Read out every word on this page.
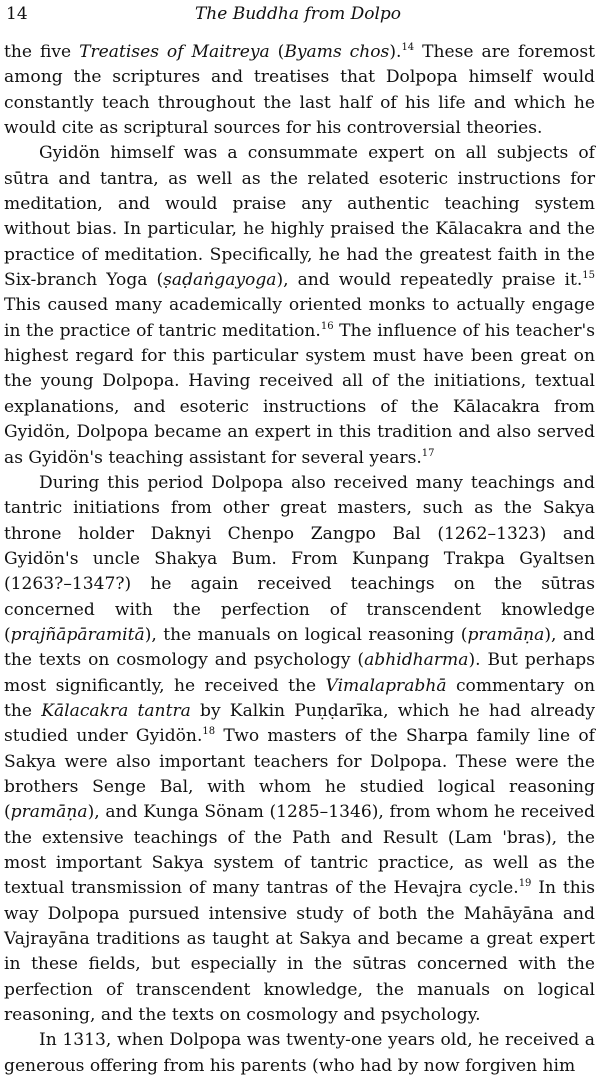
14	The Buddha from Dolpo

the five Treatises of Maitreya (Byams chos).$^{14}$ These are foremost among the scriptures and treatises that Dolpopa himself would constantly teach throughout the last half of his life and which he would cite as scriptural sources for his controversial theories.

Gyidön himself was a consummate expert on all subjects of sūtra and tantra, as well as the related esoteric instructions for meditation, and would praise any authentic teaching system without bias. In particular, he highly praised the Kālacakra and the practice of meditation. Specifically, he had the greatest faith in the Six-branch Yoga (ṣaḍaṅgayoga), and would repeatedly praise it.$^{15}$ This caused many academically oriented monks to actually engage in the practice of tantric meditation.$^{16}$ The influence of his teacher's highest regard for this particular system must have been great on the young Dolpopa. Having received all of the initiations, textual explanations, and esoteric instructions of the Kālacakra from Gyidön, Dolpopa became an expert in this tradition and also served as Gyidön's teaching assistant for several years.$^{17}$

During this period Dolpopa also received many teachings and tantric initiations from other great masters, such as the Sakya throne holder Daknyi Chenpo Zangpo Bal (1262–1323) and Gyidön's uncle Shakya Bum. From Kunpang Trakpa Gyaltsen (1263?–1347?) he again received teachings on the sūtras concerned with the perfection of transcendent knowledge (prajñāpāramitā), the manuals on logical reasoning (pramāṇa), and the texts on cosmology and psychology (abhidharma). But perhaps most significantly, he received the Vimalaprabhā commentary on the Kālacakra tantra by Kalkin Puṇḍarīka, which he had already studied under Gyidön.$^{18}$ Two masters of the Sharpa family line of Sakya were also important teachers for Dolpopa. These were the brothers Senge Bal, with whom he studied logical reasoning (pramāṇa), and Kunga Sönam (1285–1346), from whom he received the extensive teachings of the Path and Result (Lam 'bras), the most important Sakya system of tantric practice, as well as the textual transmission of many tantras of the Hevajra cycle.$^{19}$ In this way Dolpopa pursued intensive study of both the Mahāyāna and Vajrayāna traditions as taught at Sakya and became a great expert in these fields, but especially in the sūtras concerned with the perfection of transcendent knowledge, the manuals on logical reasoning, and the texts on cosmology and psychology.

In 1313, when Dolpopa was twenty-one years old, he received a generous offering from his parents (who had by now forgiven him
